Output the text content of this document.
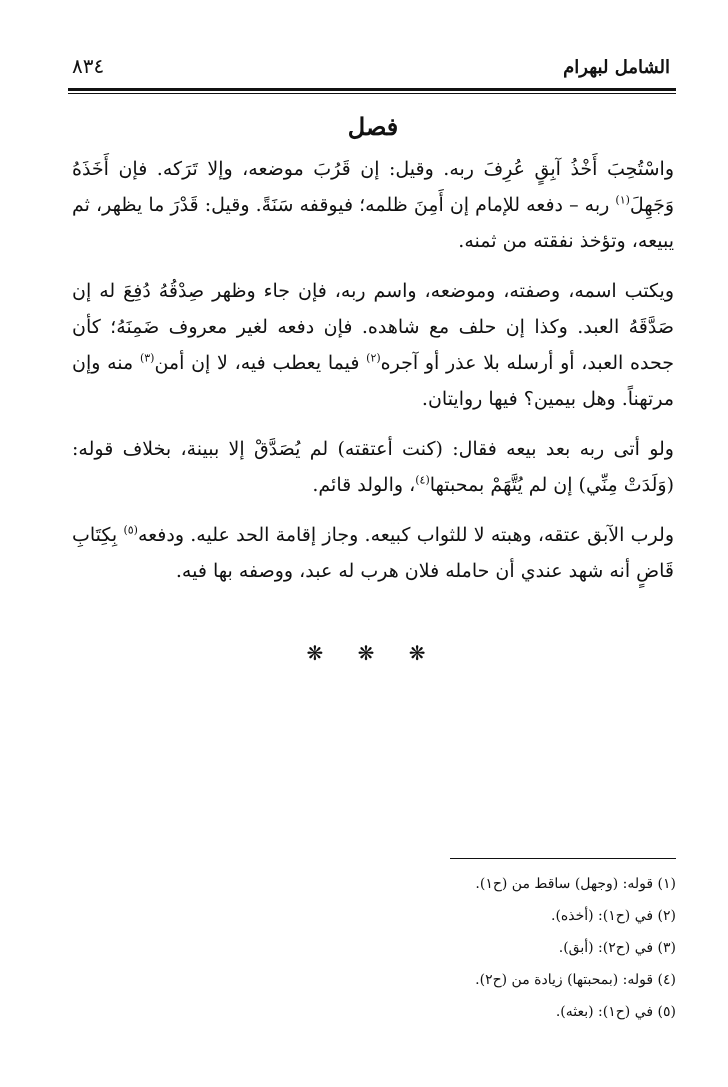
٨٣٤	الشامل لبهرام
فصل

واسْتُحِبَ أَخْذُ آبِقٍ عُرِفَ ربه. وقيل: إن قَرُبَ موضعه، وإلا تَرَكه. فإن أَخَذَهُ وَجَهِلَ$^{(١)}$ ربه – دفعه للإمام إن أَمِنَ ظلمه؛ فيوقفه سَنَةً. وقيل: قَدْرَ ما يظهر، ثم يبيعه، وتؤخذ نفقته من ثمنه.

ويكتب اسمه، وصفته، وموضعه، واسم ربه، فإن جاء وظهر صِدْقُهُ دُفِعَ له إن صَدَّقَهُ العبد. وكذا إن حلف مع شاهده. فإن دفعه لغير معروف ضَمِنَهُ؛ كأن جحده العبد، أو أرسله بلا عذر أو آجره$^{(٢)}$ فيما يعطب فيه، لا إن أمن$^{(٣)}$ منه وإن مرتهناً. وهل بيمين؟ فيها روايتان.

ولو أتى ربه بعد بيعه فقال: (كنت أعتقته) لم يُصَدَّقْ إلا ببينة، بخلاف قوله: (وَلَدَتْ مِنِّي) إن لم يُتَّهَمْ بمحبتها$^{(٤)}$، والولد قائم.

ولرب الآبق عتقه، وهبته لا للثواب كبيعه. وجاز إقامة الحد عليه. ودفعه$^{(٥)}$ بِكِتَابِ قَاضٍ أنه شهد عندي أن حامله فلان هرب له عبد، ووصفه بها فيه.

❋ ❋ ❋
(١) قوله: (وجهل) ساقط من (ح١).
(٢) في (ح١): (أخذه).
(٣) في (ح٢): (أبق).
(٤) قوله: (بمحبتها) زيادة من (ح٢).
(٥) في (ح١): (بعثه).
